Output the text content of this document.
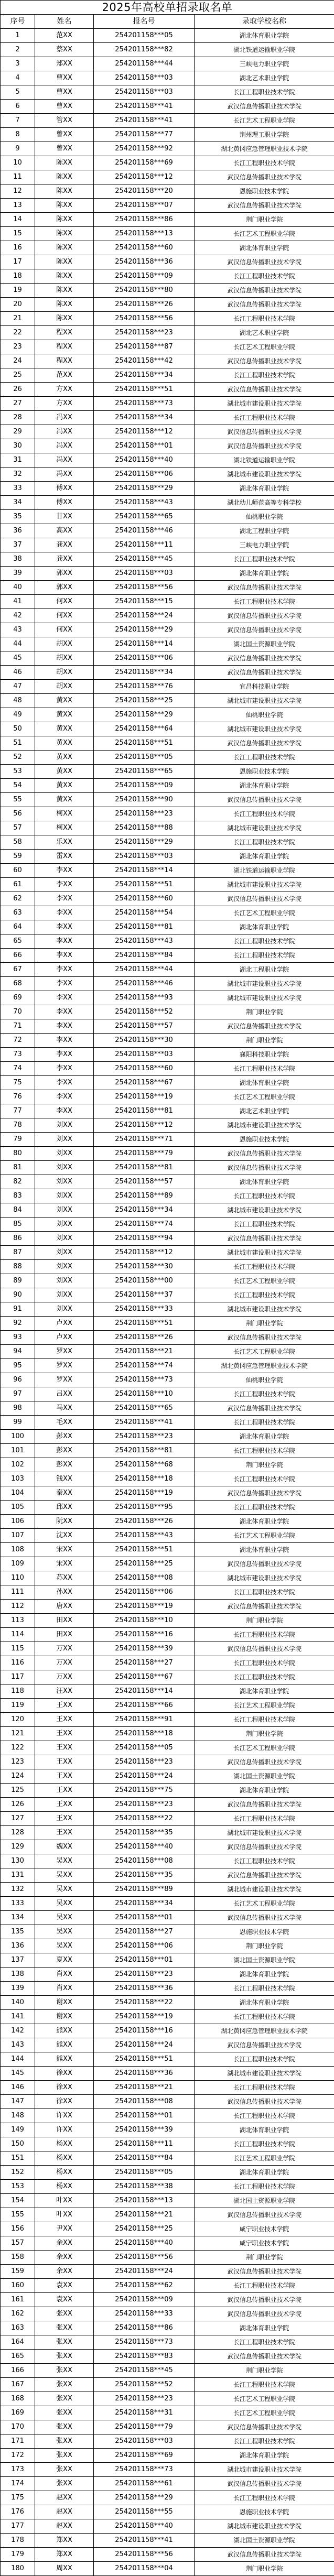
2025年高校单招录取名单			
序号	姓名	报名号	录取学校名称
1	范XX	254201158***05	湖北体育职业学院
2	蔡XX	254201158***82	湖北铁道运输职业学院
3	郑XX	254201158***44	三峡电力职业学院
4	曹XX	254201158***03	湖北艺术职业学院
5	曹XX	254201158***03	长江工程职业技术学院
6	曹XX	254201158***41	武汉信息传播职业技术学院
7	管XX	254201158***41	长江艺术工程职业学院
8	曾XX	254201158***77	荆州理工职业学院
9	曾XX	254201158***92	湖北黄冈应急管理职业技术学院
10	陈XX	254201158***69	长江工程职业技术学院
11	陈XX	254201158***12	武汉信息传播职业技术学院
12	陈XX	254201158***20	恩施职业技术学院
13	陈XX	254201158***07	武汉信息传播职业技术学院
14	陈XX	254201158***86	荆门职业学院
15	陈XX	254201158***13	长江艺术工程职业学院
16	陈XX	254201158***60	湖北体育职业学院
17	陈XX	254201158***36	武汉信息传播职业技术学院
18	陈XX	254201158***09	长江工程职业技术学院
19	陈XX	254201158***80	武汉信息传播职业技术学院
20	陈XX	254201158***26	武汉信息传播职业技术学院
21	陈XX	254201158***56	长江工程职业技术学院
22	程XX	254201158***23	湖北艺术职业学院
23	程XX	254201158***87	长江艺术工程职业学院
24	程XX	254201158***42	武汉信息传播职业技术学院
25	范XX	254201158***34	长江工程职业技术学院
26	方XX	254201158***51	武汉信息传播职业技术学院
27	方XX	254201158***73	湖北城市建设职业技术学院
28	冯XX	254201158***34	长江工程职业技术学院
29	冯XX	254201158***12	武汉信息传播职业技术学院
30	冯XX	254201158***01	武汉信息传播职业技术学院
31	冯XX	254201158***40	湖北铁道运输职业学院
32	冯XX	254201158***06	湖北城市建设职业技术学院
33	傅XX	254201158***29	湖北体育职业学院
34	傅XX	254201158***43	湖北幼儿师范高等专科学校
35	甘XX	254201158***65	仙桃职业学院
36	高XX	254201158***46	湖北工程职业学院
37	龚XX	254201158***11	三峡电力职业学院
38	龚XX	254201158***45	长江工程职业技术学院
39	郭XX	254201158***03	湖北体育职业学院
40	郭XX	254201158***56	武汉信息传播职业技术学院
41	何XX	254201158***15	长江工程职业技术学院
42	何XX	254201158***24	武汉信息传播职业技术学院
43	何XX	254201158***29	武汉信息传播职业技术学院
44	胡XX	254201158***14	湖北国土资源职业学院
45	胡XX	254201158***06	武汉信息传播职业技术学院
46	胡XX	254201158***34	武汉信息传播职业技术学院
47	胡XX	254201158***76	宜昌科技职业学院
48	黄XX	254201158***25	湖北城市建设职业技术学院
49	黄XX	254201158***29	仙桃职业学院
50	黄XX	254201158***64	湖北城市建设职业技术学院
51	黄XX	254201158***51	武汉信息传播职业技术学院
52	黄XX	254201158***05	长江工程职业技术学院
53	黄XX	254201158***65	恩施职业技术学院
54	黄XX	254201158***09	湖北体育职业学院
55	黄XX	254201158***90	武汉信息传播职业技术学院
56	柯XX	254201158***23	长江工程职业技术学院
57	柯XX	254201158***88	湖北城市建设职业技术学院
58	乐XX	254201158***29	长江工程职业技术学院
59	雷XX	254201158***03	湖北体育职业学院
60	李XX	254201158***14	湖北铁道运输职业学院
61	李XX	254201158***51	湖北城市建设职业技术学院
62	李XX	254201158***60	武汉信息传播职业技术学院
63	李XX	254201158***54	长江艺术工程职业学院
64	李XX	254201158***81	湖北体育职业学院
65	李XX	254201158***43	长江工程职业技术学院
66	李XX	254201158***84	长江工程职业技术学院
67	李XX	254201158***44	湖北工程职业学院
68	李XX	254201158***46	湖北城市建设职业技术学院
69	李XX	254201158***93	湖北城市建设职业技术学院
70	李XX	254201158***52	荆门职业学院
71	李XX	254201158***57	武汉信息传播职业技术学院
72	李XX	254201158***30	荆门职业学院
73	李XX	254201158***03	襄阳科技职业学院
74	李XX	254201158***60	长江工程职业技术学院
75	李XX	254201158***67	湖北体育职业学院
76	李XX	254201158***19	长江艺术工程职业学院
77	李XX	254201158***81	湖北艺术职业学院
78	刘XX	254201158***12	湖北城市建设职业技术学院
79	刘XX	254201158***71	恩施职业技术学院
80	刘XX	254201158***79	武汉信息传播职业技术学院
81	刘XX	254201158***81	武汉信息传播职业技术学院
82	刘XX	254201158***57	湖北体育职业学院
83	刘XX	254201158***89	长江工程职业技术学院
84	刘XX	254201158***34	湖北城市建设职业技术学院
85	刘XX	254201158***74	长江工程职业技术学院
86	刘XX	254201158***94	武汉信息传播职业技术学院
87	刘XX	254201158***12	湖北城市建设职业技术学院
88	刘XX	254201158***30	长江工程职业技术学院
89	刘XX	254201158***00	长江艺术工程职业学院
90	刘XX	254201158***37	长江工程职业技术学院
91	刘XX	254201158***33	湖北城市建设职业技术学院
92	卢XX	254201158***51	荆门职业学院
93	卢XX	254201158***26	武汉信息传播职业技术学院
94	罗XX	254201158***21	长江艺术工程职业学院
95	罗XX	254201158***74	湖北黄冈应急管理职业技术学院
96	罗XX	254201158***73	仙桃职业学院
97	吕XX	254201158***10	长江工程职业技术学院
98	马XX	254201158***65	武汉信息传播职业技术学院
99	毛XX	254201158***41	长江工程职业技术学院
100	彭XX	254201158***23	湖北体育职业学院
101	彭XX	254201158***81	长江工程职业技术学院
102	彭XX	254201158***68	荆门职业学院
103	钱XX	254201158***18	长江工程职业技术学院
104	秦XX	254201158***19	武汉信息传播职业技术学院
105	邱XX	254201158***95	长江工程职业技术学院
106	阮XX	254201158***26	湖北体育职业学院
107	沈XX	254201158***43	长江艺术工程职业学院
108	宋XX	254201158***51	湖北体育职业学院
109	宋XX	254201158***25	武汉信息传播职业技术学院
110	苏XX	254201158***08	湖北城市建设职业技术学院
111	孙XX	254201158***06	长江工程职业技术学院
112	唐XX	254201158***19	武汉信息传播职业技术学院
113	田XX	254201158***10	荆门职业学院
114	田XX	254201158***16	长江工程职业技术学院
115	万XX	254201158***39	武汉信息传播职业技术学院
116	万XX	254201158***27	长江工程职业技术学院
117	万XX	254201158***67	长江工程职业技术学院
118	汪XX	254201158***14	湖北体育职业学院
119	王XX	254201158***66	长江艺术工程职业学院
120	王XX	254201158***91	长江工程职业技术学院
121	王XX	254201158***18	荆门职业学院
122	王XX	254201158***05	长江艺术工程职业学院
123	王XX	254201158***23	武汉信息传播职业技术学院
124	王XX	254201158***24	湖北国土资源职业学院
125	王XX	254201158***75	湖北体育职业学院
126	王XX	254201158***23	武汉信息传播职业技术学院
127	王XX	254201158***22	长江工程职业技术学院
128	王XX	254201158***35	湖北城市建设职业技术学院
129	魏XX	254201158***40	武汉信息传播职业技术学院
130	吴XX	254201158***08	长江工程职业技术学院
131	吴XX	254201158***35	武汉信息传播职业技术学院
132	吴XX	254201158***89	湖北城市建设职业技术学院
133	吴XX	254201158***34	长江艺术工程职业学院
134	吴XX	254201158***01	武汉信息传播职业技术学院
135	吴XX	254201158***27	恩施职业技术学院
136	吴XX	254201158***06	荆门职业学院
137	夏XX	254201158***01	湖北国土资源职业学院
138	肖XX	254201158***23	湖北体育职业学院
139	肖XX	254201158***36	长江工程职业技术学院
140	谢XX	254201158***22	湖北体育职业学院
141	谢XX	254201158***19	长江工程职业技术学院
142	熊XX	254201158***16	湖北黄冈应急管理职业技术学院
143	熊XX	254201158***24	武汉信息传播职业技术学院
144	熊XX	254201158***51	长江工程职业技术学院
145	徐XX	254201158***36	湖北城市建设职业技术学院
146	徐XX	254201158***21	长江工程职业技术学院
147	徐XX	254201158***08	武汉信息传播职业技术学院
148	许XX	254201158***01	长江工程职业技术学院
149	许XX	254201158***39	湖北体育职业学院
150	杨XX	254201158***11	长江工程职业技术学院
151	杨XX	254201158***84	长江艺术工程职业学院
152	杨XX	254201158***05	湖北体育职业学院
153	杨XX	254201158***38	长江工程职业技术学院
154	叶XX	254201158***13	湖北国土资源职业学院
155	叶XX	254201158***21	武汉信息传播职业技术学院
156	尹XX	254201158***25	咸宁职业技术学院
157	余XX	254201158***40	咸宁职业技术学院
158	余XX	254201158***56	荆门职业学院
159	余XX	254201158***24	武汉信息传播职业技术学院
160	袁XX	254201158***62	长江工程职业技术学院
161	袁XX	254201158***09	武汉信息传播职业技术学院
162	张XX	254201158***33	武汉信息传播职业技术学院
163	张XX	254201158***86	湖北体育职业学院
164	张XX	254201158***73	长江工程职业技术学院
165	张XX	254201158***83	武汉信息传播职业技术学院
166	张XX	254201158***45	荆门职业学院
167	张XX	254201158***52	长江工程职业技术学院
168	张XX	254201158***23	长江艺术工程职业学院
169	张XX	254201158***31	长江艺术工程职业学院
170	张XX	254201158***79	武汉信息传播职业技术学院
171	张XX	254201158***03	长江工程职业技术学院
172	张XX	254201158***69	湖北体育职业学院
173	张XX	254201158***73	湖北城市建设职业技术学院
174	张XX	254201158***61	武汉信息传播职业技术学院
175	赵XX	254201158***29	长江工程职业技术学院
176	赵XX	254201158***55	恩施职业技术学院
177	赵XX	254201158***40	湖北城市建设职业技术学院
178	郑XX	254201158***41	湖北国土资源职业学院
179	郑XX	254201158***56	武汉信息传播职业技术学院
180	周XX	254201158***04	荆门职业学院
